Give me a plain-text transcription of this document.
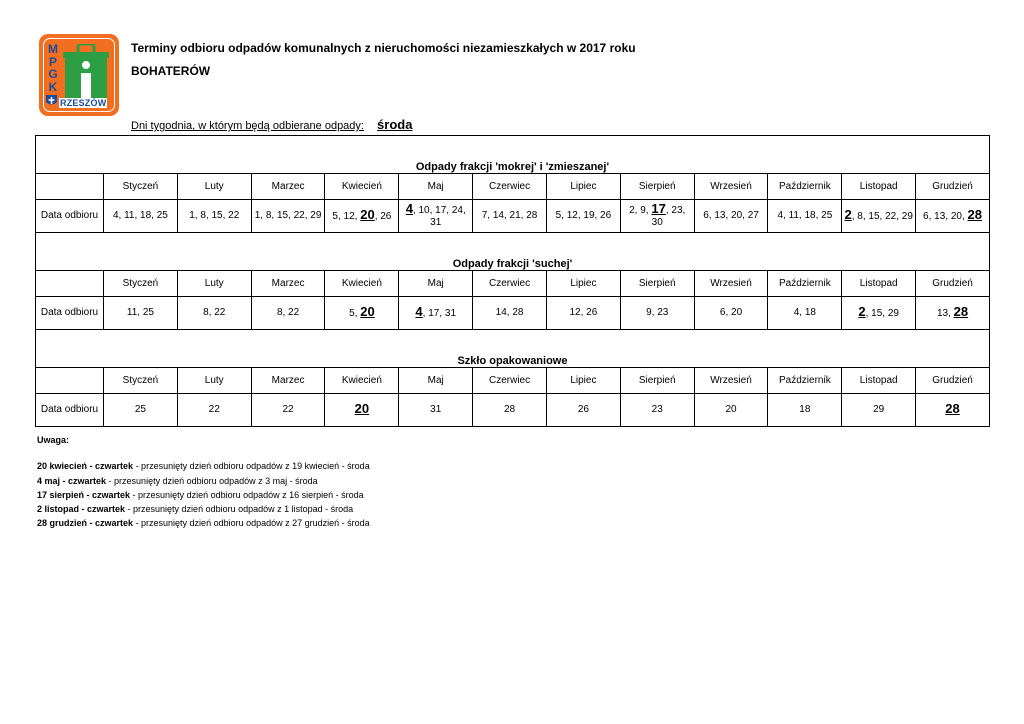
M
P
G
K
RZESZÓW
Terminy odbioru odpadów komunalnych z nieruchomości niezamieszkałych w 2017 roku
BOHATERÓW
Dni tygodnia, w którym będą odbierane odpady: środa
Odpady frakcji 'mokrej' i 'zmieszanej'												
	Styczeń	Luty	Marzec	Kwiecień	Maj	Czerwiec	Lipiec	Sierpień	Wrzesień	Październik	Listopad	Grudzień
Data odbioru	4, 11, 18, 25	1, 8, 15, 22	1, 8, 15, 22, 29	5, 12, 20, 26	4, 10, 17, 24, 31	7, 14, 21, 28	5, 12, 19, 26	2, 9, 17, 23, 30	6, 13, 20, 27	4, 11, 18, 25	2, 8, 15, 22, 29	6, 13, 20, 28
Odpady frakcji 'suchej'												
	Styczeń	Luty	Marzec	Kwiecień	Maj	Czerwiec	Lipiec	Sierpień	Wrzesień	Październik	Listopad	Grudzień
Data odbioru	11, 25	8, 22	8, 22	5, 20	4, 17, 31	14, 28	12, 26	9, 23	6, 20	4, 18	2, 15, 29	13, 28
Szkło opakowaniowe												
	Styczeń	Luty	Marzec	Kwiecień	Maj	Czerwiec	Lipiec	Sierpień	Wrzesień	Październik	Listopad	Grudzień
Data odbioru	25	22	22	20	31	28	26	23	20	18	29	28
Uwaga:
20 kwiecień - czwartek - przesunięty dzień odbioru odpadów z 19 kwiecień - środa
4 maj - czwartek - przesunięty dzień odbioru odpadów z 3 maj - środa
17 sierpień - czwartek - przesunięty dzień odbioru odpadów z 16 sierpień - środa
2 listopad - czwartek - przesunięty dzień odbioru odpadów z 1 listopad - środa
28 grudzień - czwartek - przesunięty dzień odbioru odpadów z 27 grudzień - środa
